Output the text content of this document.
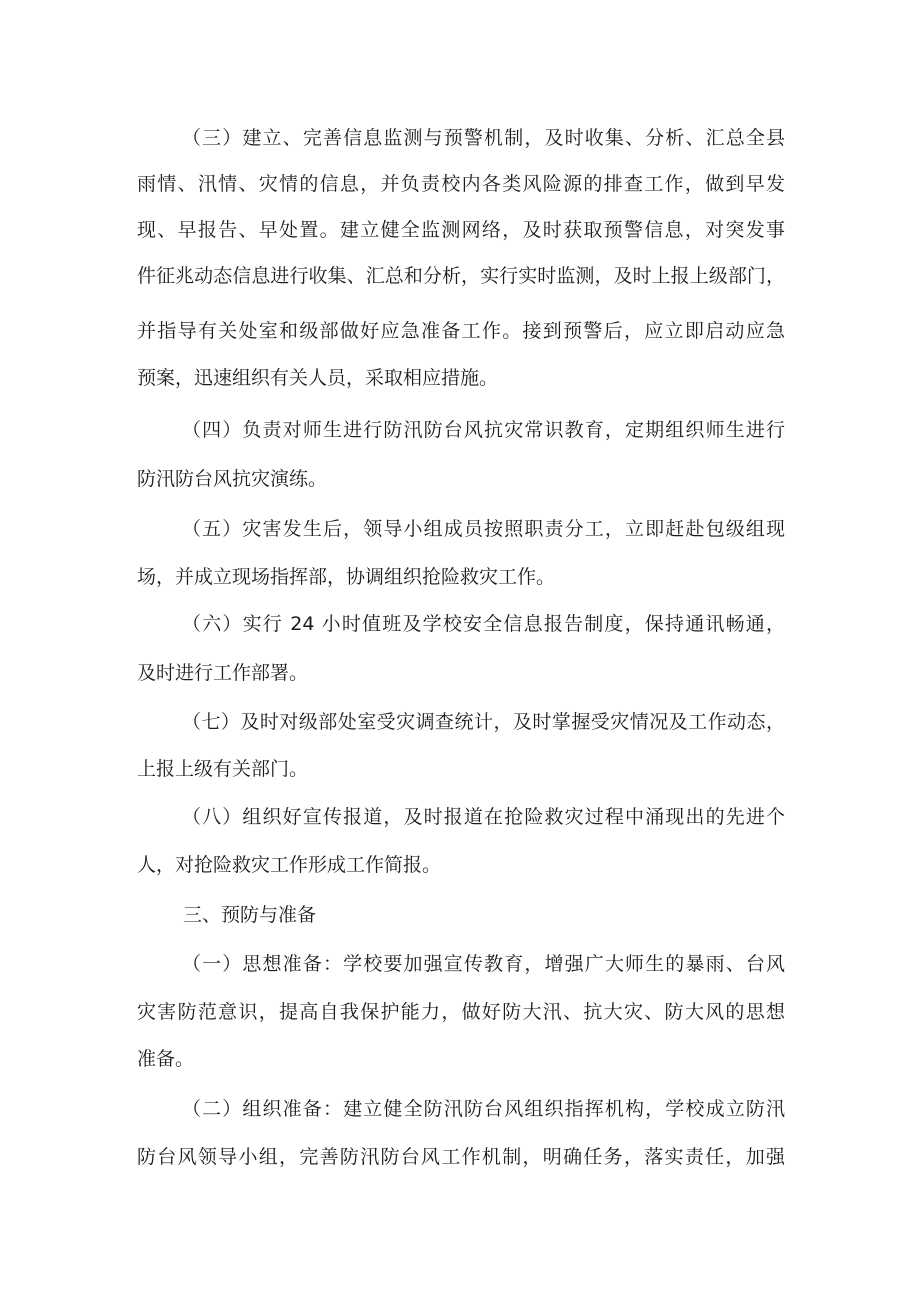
（三）建立、完善信息监测与预警机制，及时收集、分析、汇总全县
雨情、汛情、灾情的信息，并负责校内各类风险源的排查工作，做到早发
现、早报告、早处置。建立健全监测网络，及时获取预警信息，对突发事
件征兆动态信息进行收集、汇总和分析，实行实时监测，及时上报上级部门，
并指导有关处室和级部做好应急准备工作。接到预警后，应立即启动应急
预案，迅速组织有关人员，采取相应措施。
（四）负责对师生进行防汛防台风抗灾常识教育，定期组织师生进行
防汛防台风抗灾演练。
（五）灾害发生后，领导小组成员按照职责分工，立即赶赴包级组现
场，并成立现场指挥部，协调组织抢险救灾工作。
（六）实行 24 小时值班及学校安全信息报告制度，保持通讯畅通，
及时进行工作部署。
（七）及时对级部处室受灾调查统计，及时掌握受灾情况及工作动态，
上报上级有关部门。
（八）组织好宣传报道，及时报道在抢险救灾过程中涌现出的先进个
人，对抢险救灾工作形成工作简报。
三、预防与准备
（一）思想准备：学校要加强宣传教育，增强广大师生的暴雨、台风
灾害防范意识，提高自我保护能力，做好防大汛、抗大灾、防大风的思想
准备。
（二）组织准备：建立健全防汛防台风组织指挥机构，学校成立防汛
防台风领导小组，完善防汛防台风工作机制，明确任务，落实责任，加强
